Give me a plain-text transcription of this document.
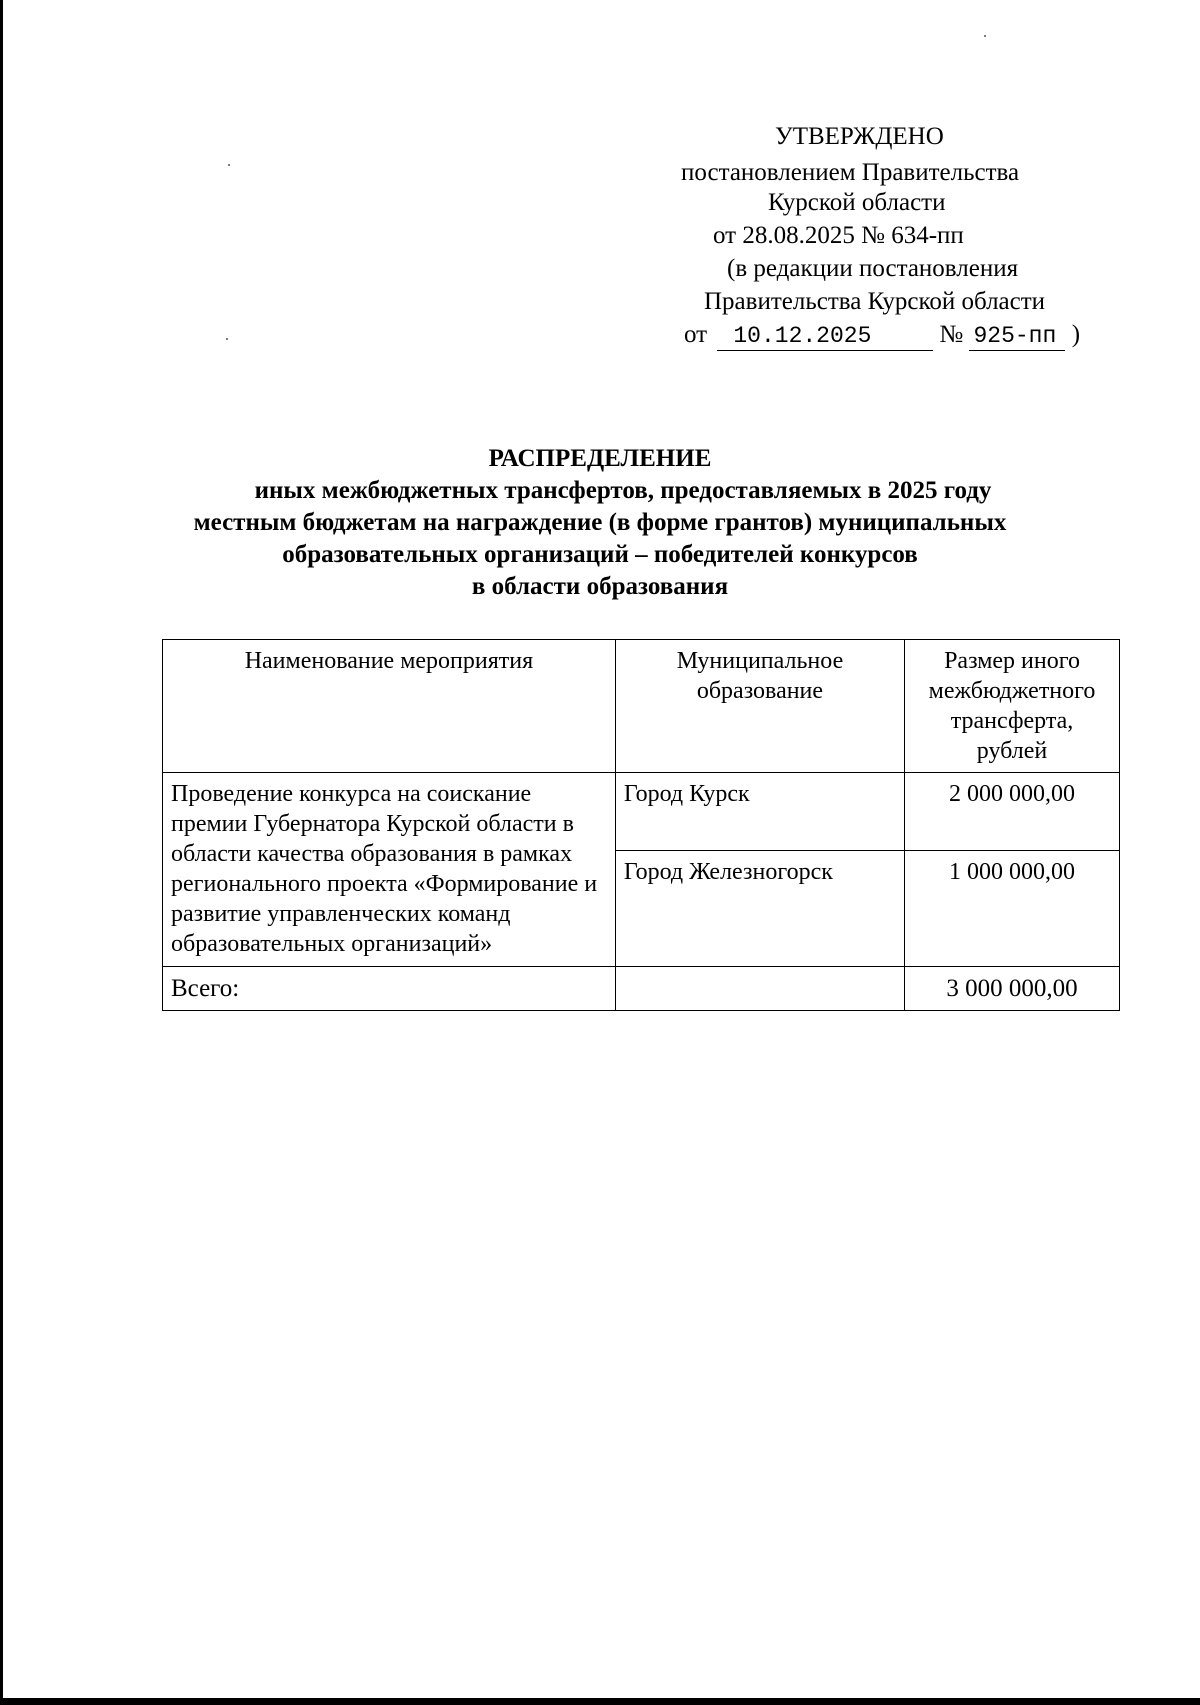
УТВЕРЖДЕНО
постановлением Правительства
Курской области
от 28.08.2025 № 634-пп
(в редакции постановления
Правительства Курской области
от 10.12.2025	№ 925-пп )
РАСПРЕДЕЛЕНИЕ
иных межбюджетных трансфертов, предоставляемых в 2025 году
местным бюджетам на награждение (в форме грантов) муниципальных
образовательных организаций – победителей конкурсов
в области образования
Наименование мероприятия	Муниципальное образование	Размер иного межбюджетного трансферта, рублей
Проведение конкурса на соискание премии Губернатора Курской области в области качества образования в рамках регионального проекта «Формирование и развитие управленческих команд образовательных организаций»	Город Курск	2 000 000,00
	Город Железногорск	1 000 000,00
Всего:		3 000 000,00
